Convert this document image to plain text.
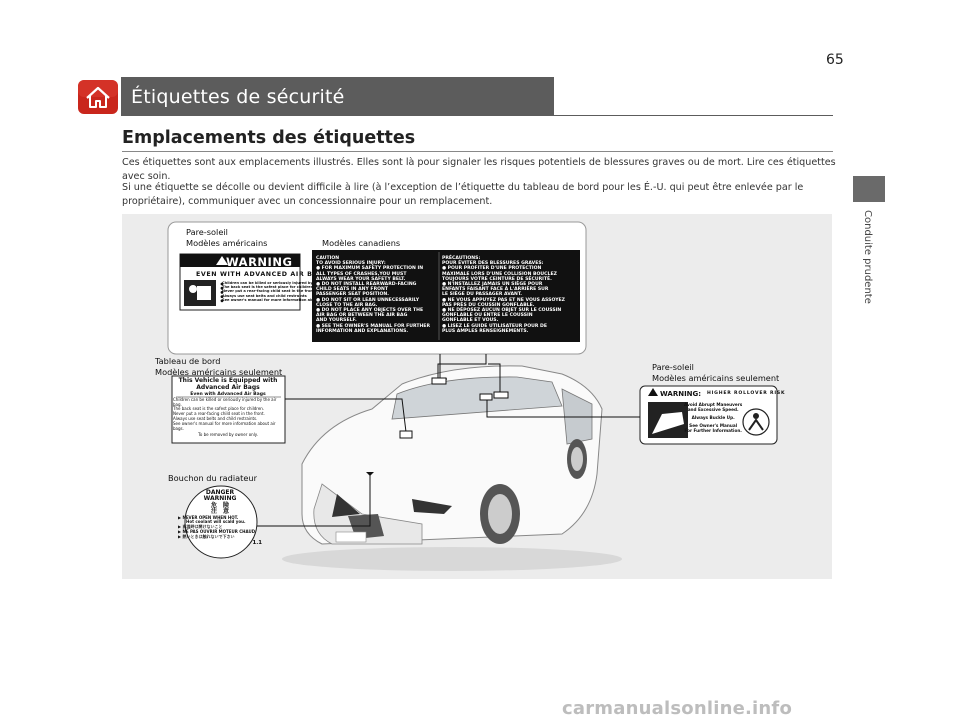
Étiquettes de sécurité
65
Conduite prudente
Emplacements des étiquettes
Ces étiquettes sont aux emplacements illustrés. Elles sont là pour signaler les risques potentiels de blessures graves ou de mort. Lire ces étiquettes avec soin.
Si une étiquette se décolle ou devient difficile à lire (à l’exception de l’étiquette du tableau de bord pour les É.-U. qui peut être enlevée par le propriétaire), communiquer avec un concessionnaire pour un remplacement.
Pare-soleil
Modèles américains	Modèles canadiens
Tableau de bord
Modèles américains seulement	Pare-soleil
Modèles américains seulement
Bouchon du radiateur
WARNING
EVEN WITH ADVANCED AIR BAGS
Children can be killed or seriously injured by the air bag
The back seat is the safest place for children
Never put a rear-facing child seat in the front
Always use seat belts and child restraints
See owner's manual for more information about air bags
CAUTION
TO AVOID SERIOUS INJURY:
● FOR MAXIMUM SAFETY PROTECTION IN
ALL TYPES OF CRASHES,YOU MUST
ALWAYS WEAR YOUR SAFETY BELT.
● DO NOT INSTALL REARWARD-FACING
CHILD SEATS IN ANY FRONT
PASSENGER SEAT POSITION.
● DO NOT SIT OR LEAN UNNECESSARILY
CLOSE TO THE AIR BAG.
● DO NOT PLACE ANY OBJECTS OVER THE
AIR BAG OR BETWEEN THE AIR BAG
AND YOURSELF.
● SEE THE OWNER'S MANUAL FOR FURTHER
INFORMATION AND EXPLANATIONS.
PRÉCAUTIONS:
POUR ÉVITER DES BLESSURES GRAVES:
● POUR PROFITER D'UNE PROTECTION
MAXIMALE LORS D'UNE COLLISION BOUCLEZ
TOUJOURS VOTRE CEINTURE DE SÉCURITÉ.
● N'INSTALLEZ JAMAIS UN SIÈGE POUR
ENFANTS FAISANT FACE À L'ARRIÈRE SUR
LE SIÈGE DU PASSAGER AVANT.
● NE VOUS APPUYEZ PAS ET NE VOUS ASSOYEZ
PAS PRÈS DU COUSSIN GONFLABLE.
● NE DÉPOSEZ AUCUN OBJET SUR LE COUSSIN
GONFLABLE OU ENTRE LE COUSSIN
GONFLABLE ET VOUS.
● LISEZ LE GUIDE UTILISATEUR POUR DE
PLUS AMPLES RENSEIGNEMENTS.
This Vehicle is Equipped with
Advanced Air Bags
Even with Advanced Air Bags
Children can be killed or seriously injured by the air bag.
The back seat is the safest place for children.
Never put a rear-facing child seat in the front.
Always use seat belts and child restraints.
See owner's manual for more information about air bags.
To be removed by owner only.
WARNING: HIGHER ROLLOVER RISK
Avoid Abrupt Maneuvers
and Excessive Speed.
Always Buckle Up.
See Owner's Manual
For Further Information.
DANGER
WARNING
危　険
注　意
▶ NEVER OPEN WHEN HOT.
Hot coolant will scald you.
▶ 高温時は開けないこと
▶ NE PAS OUVRIR MOTEUR CHAUD
▶ 熱いときは触れないで下さい
1.1
carmanualsonline.info
